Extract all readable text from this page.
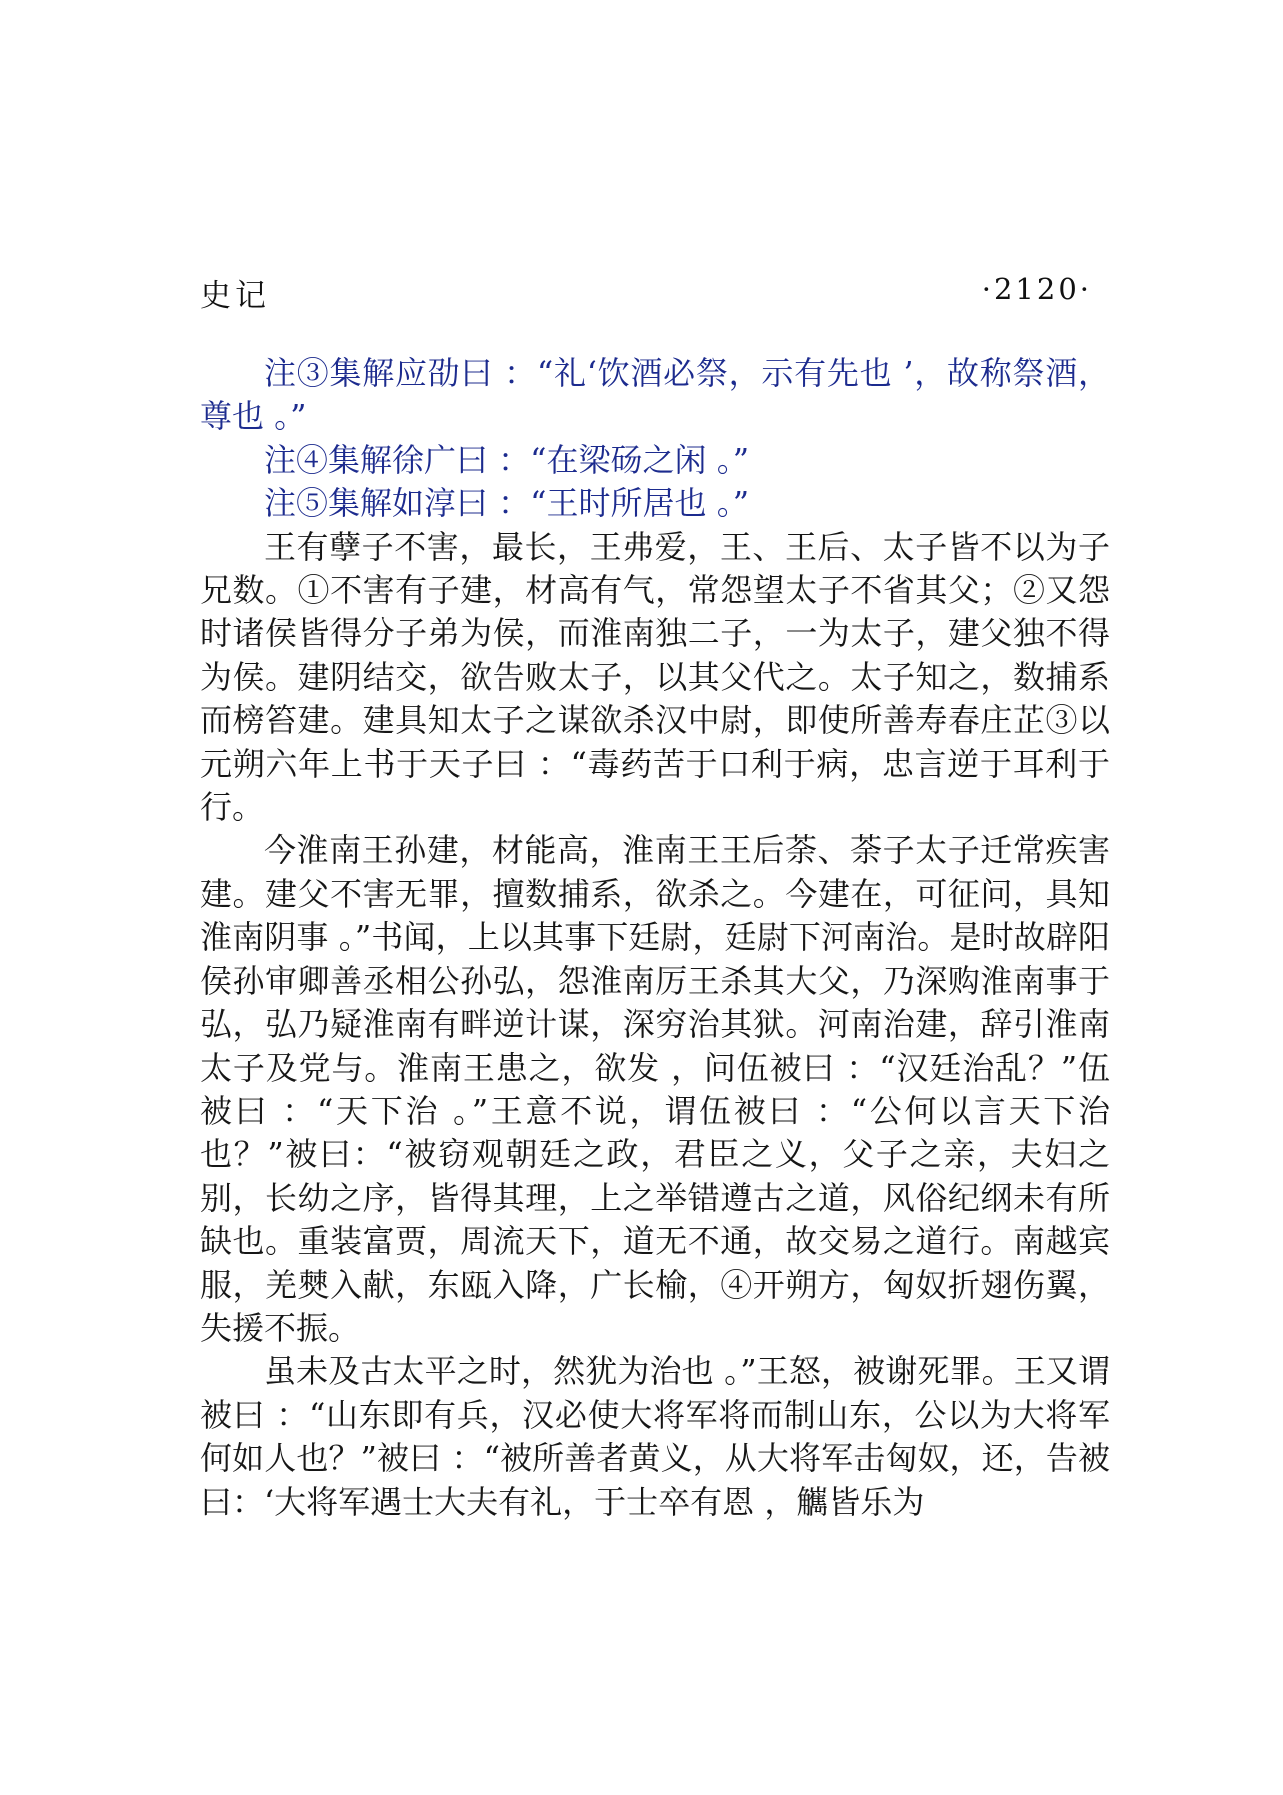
史记	·2120·

注③集解应劭曰 ：“礼‘饮酒必祭，示有先也 ’，故称祭酒，尊也 。”

注④集解徐广曰 ：“在梁砀之闲 。”

注⑤集解如淳曰 ：“王时所居也 。”

王有孽子不害，最长，王弗爱，王、王后、太子皆不以为子兄数。①不害有子建，材高有气，常怨望太子不省其父；②又怨时诸侯皆得分子弟为侯，而淮南独二子，一为太子，建父独不得为侯。建阴结交，欲告败太子，以其父代之。太子知之，数捕系而榜笞建。建具知太子之谋欲杀汉中尉，即使所善寿春庄芷③以元朔六年上书于天子曰 ：“毒药苦于口利于病，忠言逆于耳利于行。

今淮南王孙建，材能高，淮南王王后荼、荼子太子迁常疾害建。建父不害无罪，擅数捕系，欲杀之。今建在，可征问，具知淮南阴事 。”书闻，上以其事下廷尉，廷尉下河南治。是时故辟阳侯孙审卿善丞相公孙弘，怨淮南厉王杀其大父，乃深购淮南事于弘，弘乃疑淮南有畔逆计谋，深穷治其狱。河南治建，辞引淮南太子及党与。淮南王患之，欲发 ，问伍被曰 ：“汉廷治乱？”伍被曰 ：“天下治 。”王意不说，谓伍被曰 ：“公何以言天下治也？”被曰：“被窃观朝廷之政，君臣之义，父子之亲，夫妇之别，长幼之序，皆得其理，上之举错遵古之道，风俗纪纲未有所缺也。重装富贾，周流天下，道无不通，故交易之道行。南越宾服，羌僰入献，东瓯入降，广长榆，④开朔方，匈奴折翅伤翼，失援不振。

虽未及古太平之时，然犹为治也 。”王怒，被谢死罪。王又谓被曰 ：“山东即有兵，汉必使大将军将而制山东，公以为大将军何如人也？”被曰 ：“被所善者黄义，从大将军击匈奴，还，告被曰：‘大将军遇士大夫有礼，于士卒有恩 ，觽皆乐为
